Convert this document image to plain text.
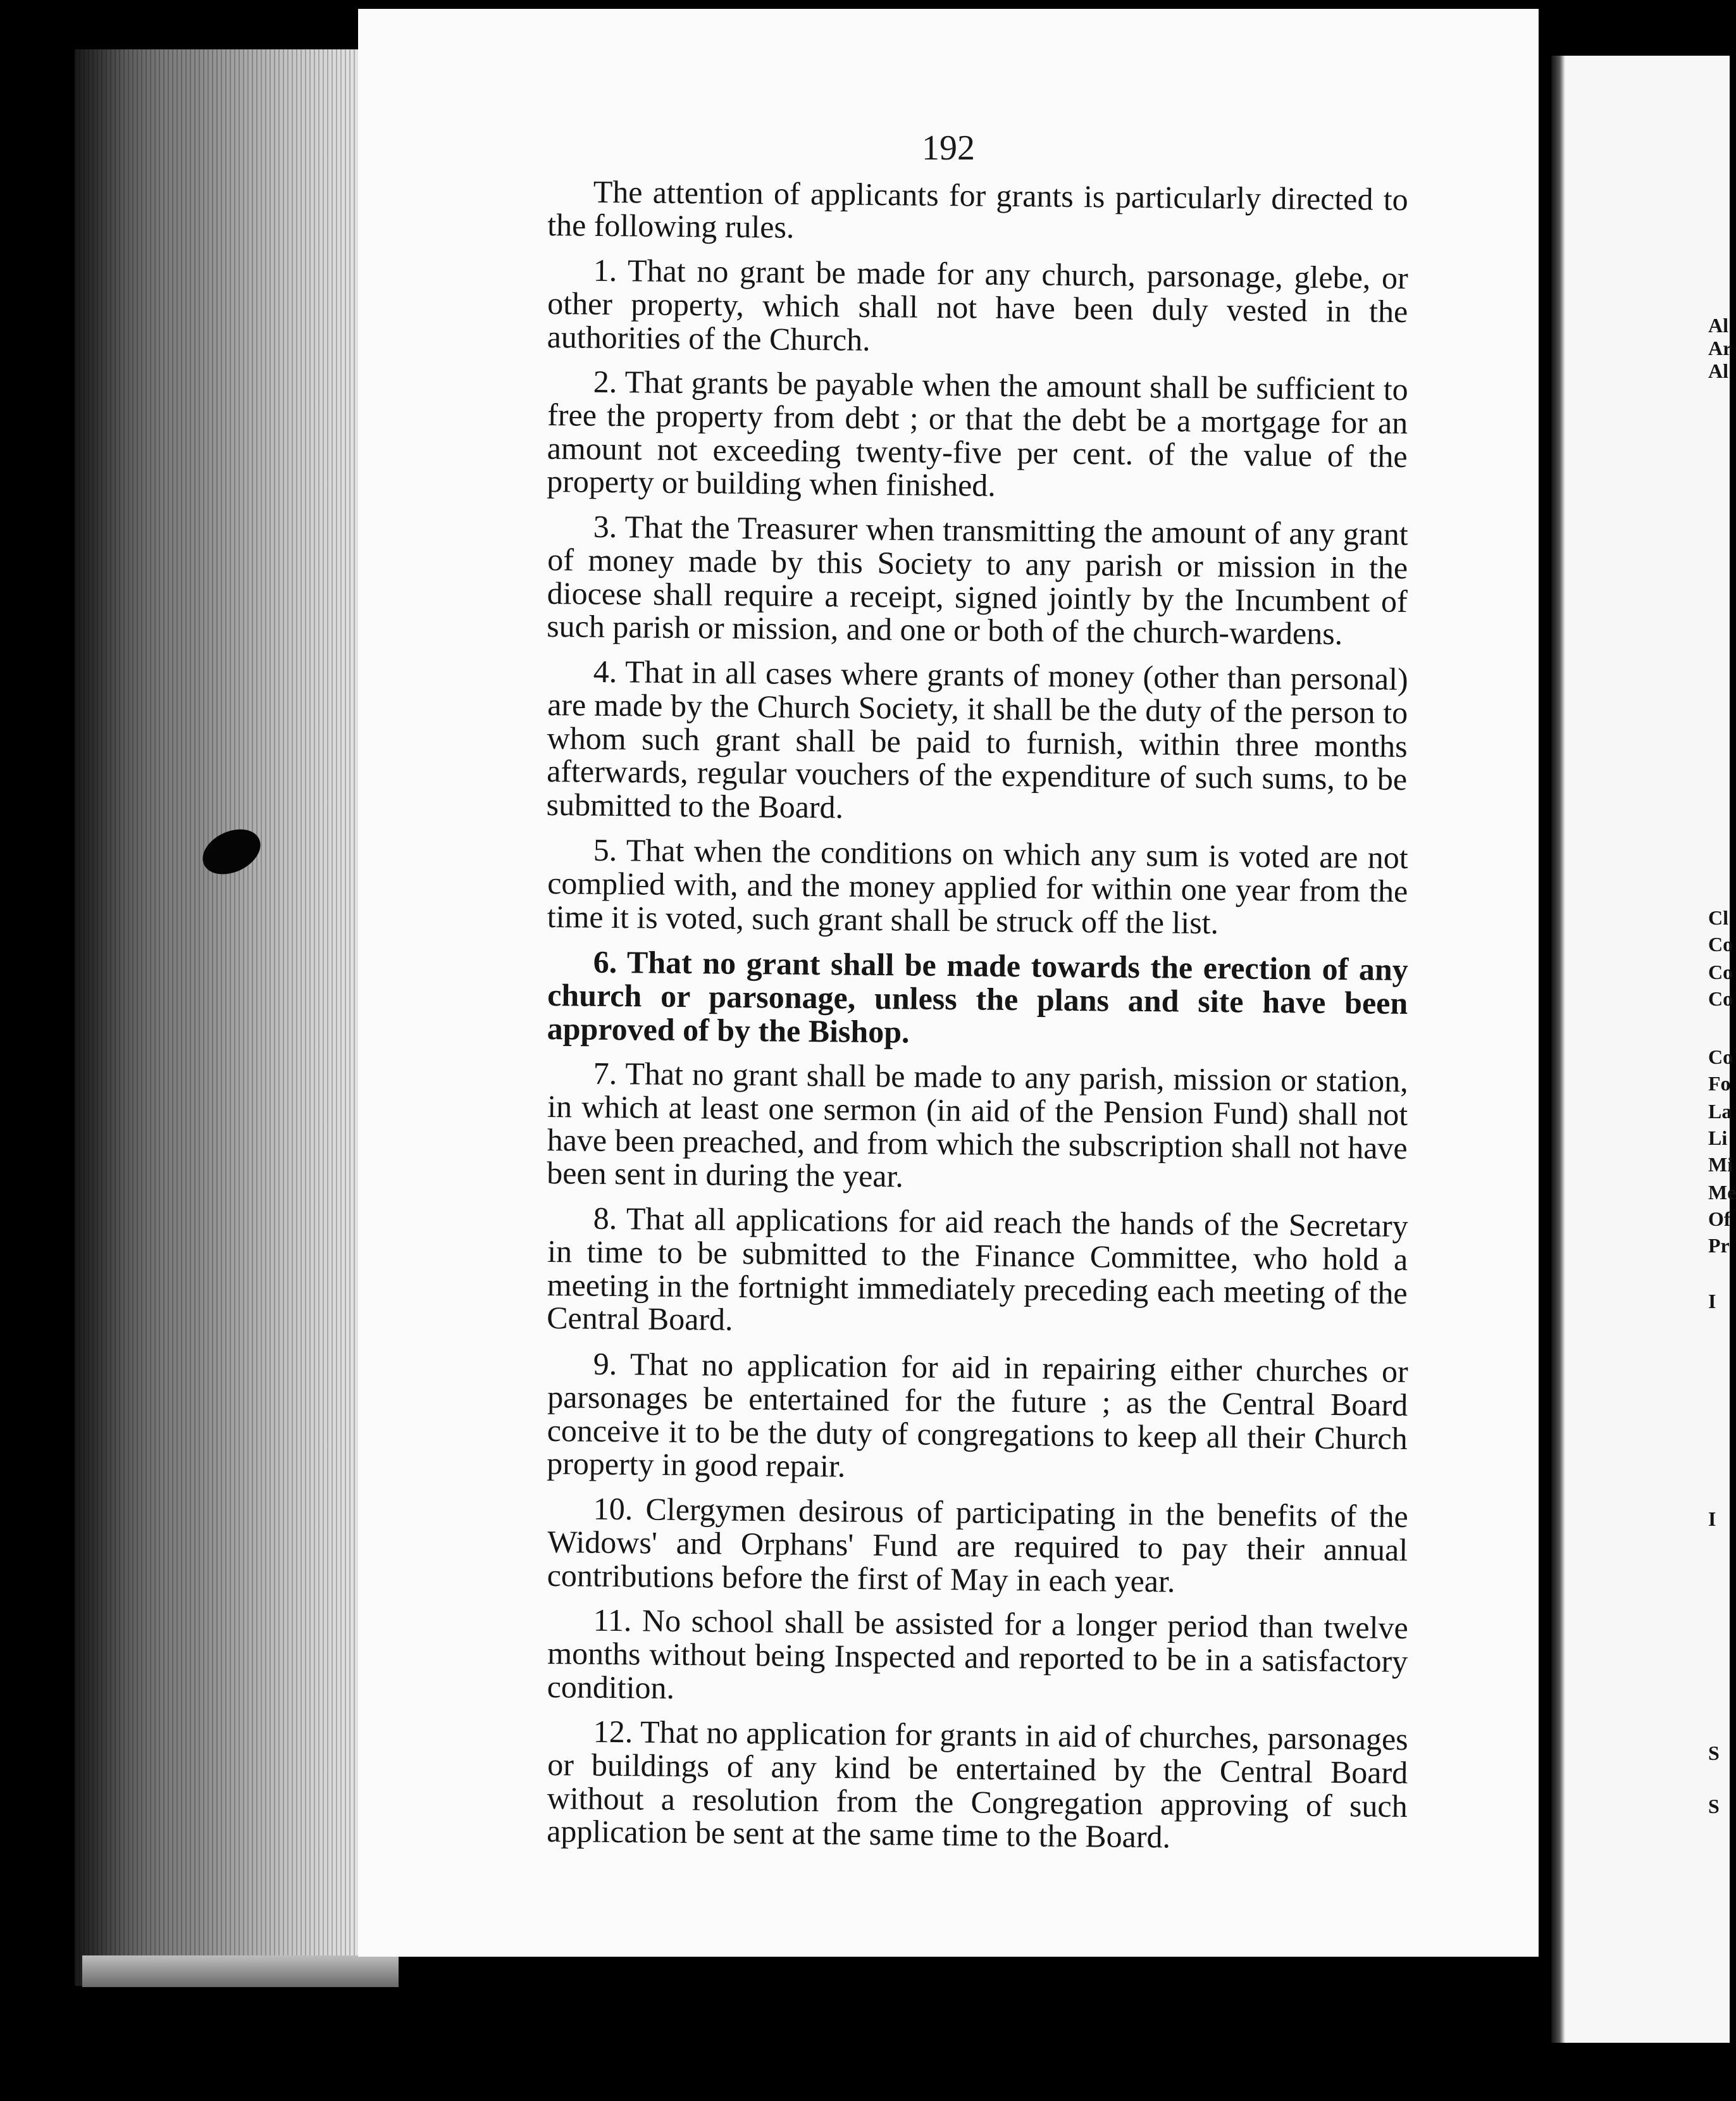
192

The attention of applicants for grants is particularly directed to the following rules.

1. That no grant be made for any church, parsonage, glebe, or other property, which shall not have been duly vested in the authorities of the Church.

2. That grants be payable when the amount shall be sufficient to free the property from debt ; or that the debt be a mortgage for an amount not exceeding twenty-five per cent. of the value of the property or building when finished.

3. That the Treasurer when transmitting the amount of any grant of money made by this Society to any parish or mission in the diocese shall require a receipt, signed jointly by the Incumbent of such parish or mission, and one or both of the church-wardens.

4. That in all cases where grants of money (other than personal) are made by the Church Society, it shall be the duty of the person to whom such grant shall be paid to furnish, within three months afterwards, regular vouchers of the expenditure of such sums, to be submitted to the Board.

5. That when the conditions on which any sum is voted are not complied with, and the money applied for within one year from the time it is voted, such grant shall be struck off the list.

6. That no grant shall be made towards the erection of any church or parsonage, unless the plans and site have been approved of by the Bishop.

7. That no grant shall be made to any parish, mission or station, in which at least one sermon (in aid of the Pension Fund) shall not have been preached, and from which the subscription shall not have been sent in during the year.

8. That all applications for aid reach the hands of the Secretary in time to be submitted to the Finance Committee, who hold a meeting in the fortnight immediately preceding each meeting of the Central Board.

9. That no application for aid in repairing either churches or parsonages be entertained for the future ; as the Central Board conceive it to be the duty of congregations to keep all their Church property in good repair.

10. Clergymen desirous of participating in the benefits of the Widows' and Orphans' Fund are required to pay their annual contributions before the first of May in each year.

11. No school shall be assisted for a longer period than twelve months without being Inspected and reported to be in a satisfactory condition.

12. That no application for grants in aid of churches, parsonages or buildings of any kind be entertained by the Central Board without a resolution from the Congregation approving of such application be sent at the same time to the Board.

Al
Ar
Al
Cl
Co
Co
Co
Co
Fo
La
Li
Mi
Me
Of
Pr
I
I
S
S
